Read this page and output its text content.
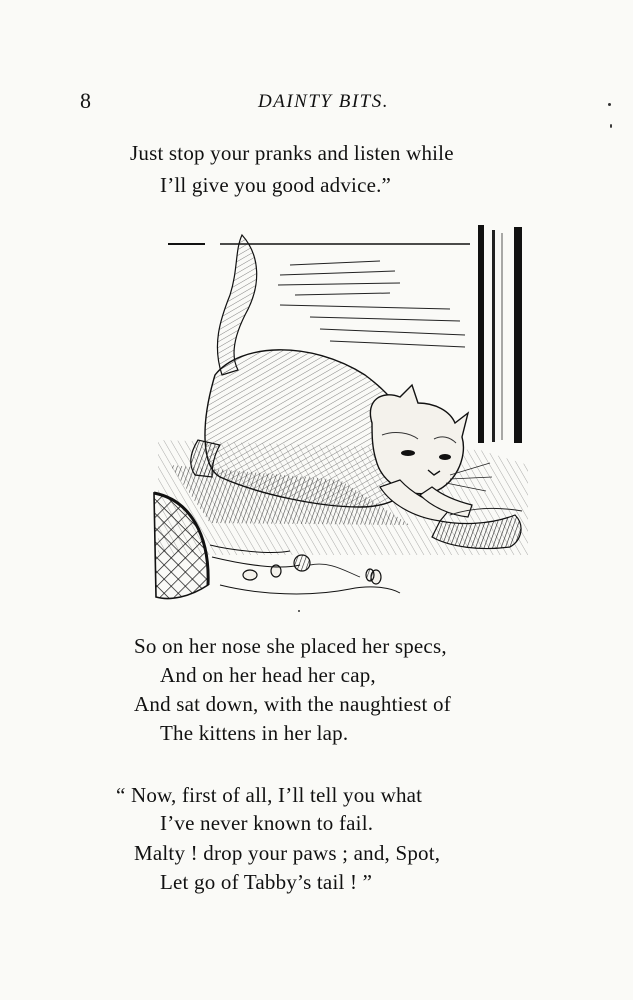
8	DAINTY BITS.
Just stop your pranks and listen while
I’ll give you good advice.”
So on her nose she placed her specs,
And on her head her cap,
And sat down, with the naughtiest of
The kittens in her lap.
“ Now, first of all, I’ll tell you what
I’ve never known to fail.
Malty ! drop your paws ; and, Spot,
Let go of Tabby’s tail ! ”
